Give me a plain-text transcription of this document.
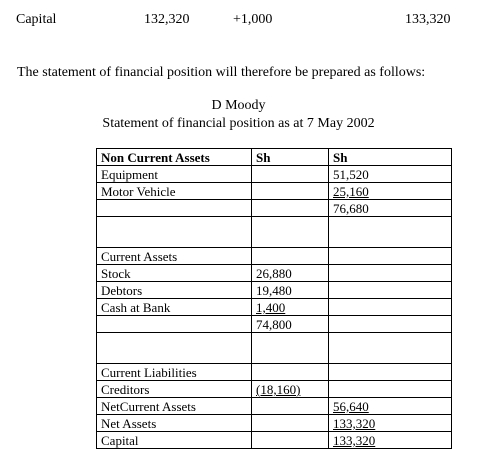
Capital	132,320	+1,000	133,320
The statement of financial position will therefore be prepared as follows:
D Moody
Statement of financial position as at 7 May 2002
Non Current Assets	Sh	Sh
Equipment		51,520
Motor Vehicle		25,160
		76,680

Current Assets		
Stock	26,880	
Debtors	19,480	
Cash at Bank	1,400	
	74,800	

Current Liabilities		
Creditors	(18,160)	
NetCurrent Assets		56,640
Net Assets		133,320
Capital		133,320
